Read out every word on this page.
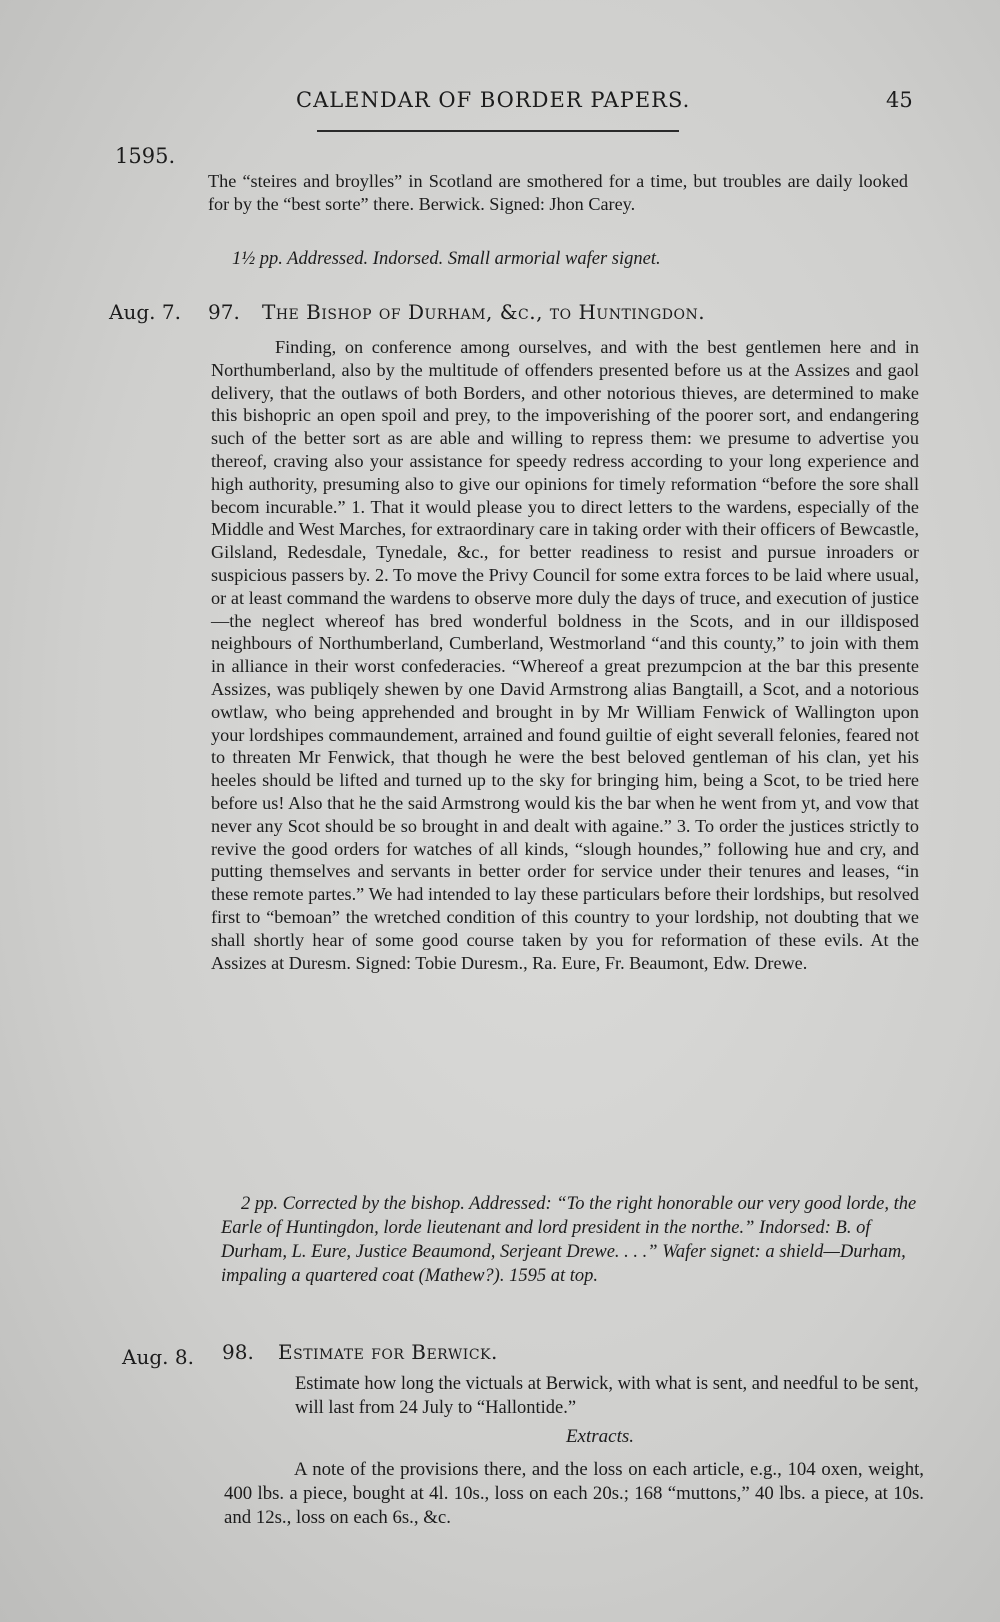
CALENDAR OF BORDER PAPERS.	45
1595.

The “steires and broylles” in Scotland are smothered for a time, but troubles are daily looked for by the “best sorte” there. Berwick. Signed: Jhon Carey.

1½ pp. Addressed. Indorsed. Small armorial wafer signet.

Aug. 7. 97. The Bishop of Durham, &c., to Huntingdon.

Finding, on conference among ourselves, and with the best gentlemen here and in Northumberland, also by the multitude of offenders presented before us at the Assizes and gaol delivery, that the outlaws of both Borders, and other notorious thieves, are determined to make this bishopric an open spoil and prey, to the impoverishing of the poorer sort, and endangering such of the better sort as are able and willing to repress them: we presume to advertise you thereof, craving also your assistance for speedy redress according to your long experience and high authority, presuming also to give our opinions for timely reformation “before the sore shall becom incurable.” 1. That it would please you to direct letters to the wardens, especially of the Middle and West Marches, for extraordinary care in taking order with their officers of Bewcastle, Gilsland, Redesdale, Tynedale, &c., for better readiness to resist and pursue inroaders or suspicious passers by. 2. To move the Privy Council for some extra forces to be laid where usual, or at least command the wardens to observe more duly the days of truce, and execution of justice—the neglect whereof has bred wonderful boldness in the Scots, and in our illdisposed neighbours of Northumberland, Cumberland, Westmorland “and this county,” to join with them in alliance in their worst confederacies. “Whereof a great prezumpcion at the bar this presente Assizes, was publiqely shewen by one David Armstrong alias Bangtaill, a Scot, and a notorious owtlaw, who being apprehended and brought in by Mr William Fenwick of Wallington upon your lordshipes commaundement, arrained and found guiltie of eight severall felonies, feared not to threaten Mr Fenwick, that though he were the best beloved gentleman of his clan, yet his heeles should be lifted and turned up to the sky for bringing him, being a Scot, to be tried here before us! Also that he the said Armstrong would kis the bar when he went from yt, and vow that never any Scot should be so brought in and dealt with againe.” 3. To order the justices strictly to revive the good orders for watches of all kinds, “slough houndes,” following hue and cry, and putting themselves and servants in better order for service under their tenures and leases, “in these remote partes.” We had intended to lay these particulars before their lordships, but resolved first to “bemoan” the wretched condition of this country to your lordship, not doubting that we shall shortly hear of some good course taken by you for reformation of these evils. At the Assizes at Duresm. Signed: Tobie Duresm., Ra. Eure, Fr. Beaumont, Edw. Drewe.

2 pp. Corrected by the bishop. Addressed: “To the right honorable our very good lorde, the Earle of Huntingdon, lorde lieutenant and lord president in the northe.” Indorsed: B. of Durham, L. Eure, Justice Beaumond, Serjeant Drewe. . . .” Wafer signet: a shield—Durham, impaling a quartered coat (Mathew?). 1595 at top.

Aug. 8. 98. Estimate for Berwick.

Estimate how long the victuals at Berwick, with what is sent, and needful to be sent, will last from 24 July to “Hallontide.”

Extracts.

A note of the provisions there, and the loss on each article, e.g., 104 oxen, weight, 400 lbs. a piece, bought at 4l. 10s., loss on each 20s.; 168 “muttons,” 40 lbs. a piece, at 10s. and 12s., loss on each 6s., &c.
